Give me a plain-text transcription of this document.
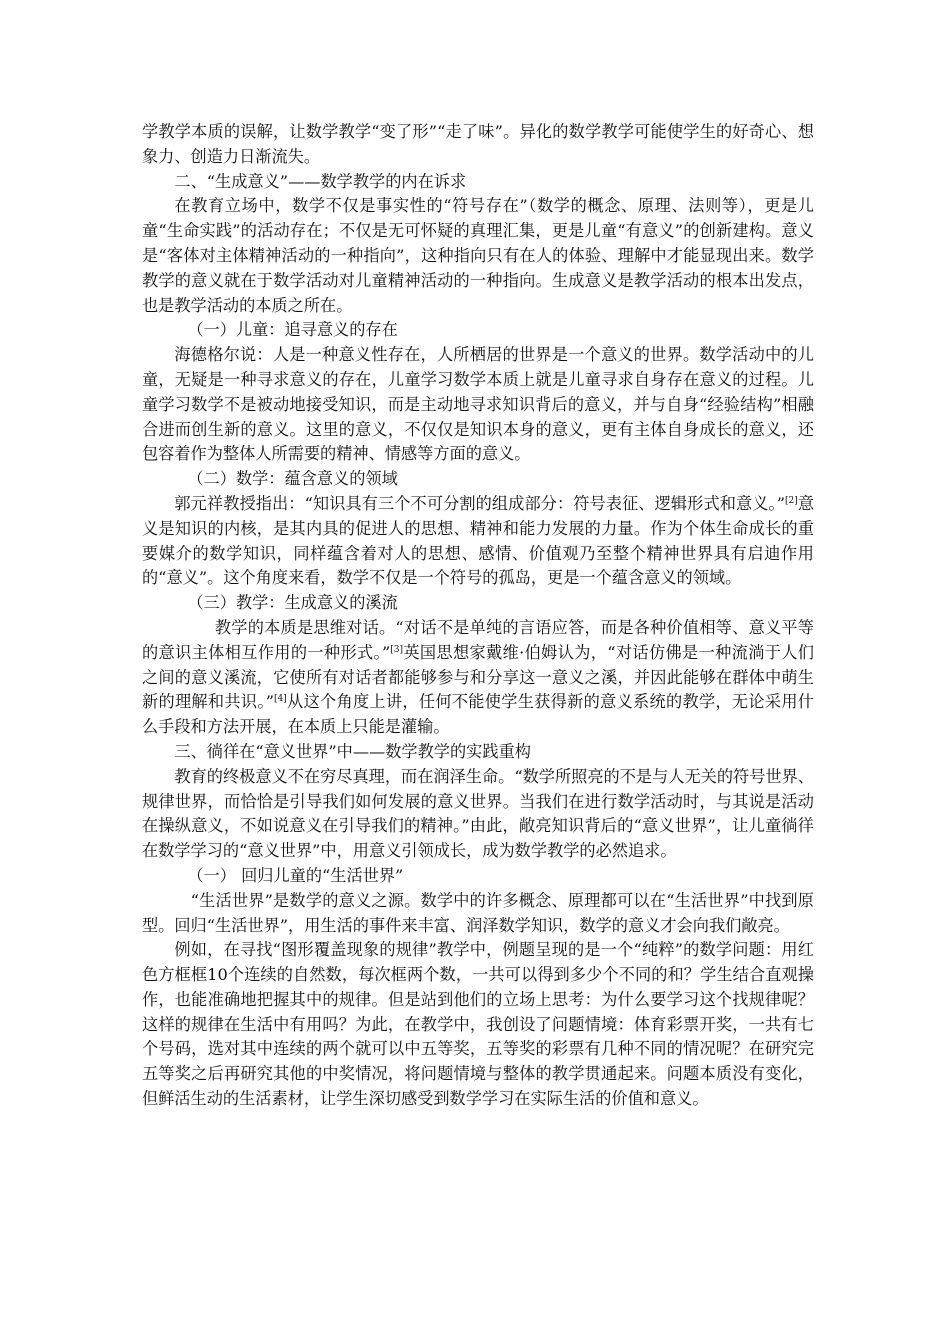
学教学本质的误解，让数学教学“变了形”“走了味”。异化的数学教学可能使学生的好奇心、想象力、创造力日渐流失。

二、“生成意义”——数学教学的内在诉求

在教育立场中，数学不仅是事实性的“符号存在”（数学的概念、原理、法则等），更是儿童“生命实践”的活动存在；不仅是无可怀疑的真理汇集，更是儿童“有意义”的创新建构。意义是“客体对主体精神活动的一种指向”，这种指向只有在人的体验、理解中才能显现出来。数学教学的意义就在于数学活动对儿童精神活动的一种指向。生成意义是教学活动的根本出发点，也是教学活动的本质之所在。

（一）儿童：追寻意义的存在

海德格尔说：人是一种意义性存在，人所栖居的世界是一个意义的世界。数学活动中的儿童，无疑是一种寻求意义的存在，儿童学习数学本质上就是儿童寻求自身存在意义的过程。儿童学习数学不是被动地接受知识，而是主动地寻求知识背后的意义，并与自身“经验结构”相融合进而创生新的意义。这里的意义，不仅仅是知识本身的意义，更有主体自身成长的意义，还包容着作为整体人所需要的精神、情感等方面的意义。

（二）数学：蕴含意义的领域

郭元祥教授指出：“知识具有三个不可分割的组成部分：符号表征、逻辑形式和意义。”[2]意义是知识的内核，是其内具的促进人的思想、精神和能力发展的力量。作为个体生命成长的重要媒介的数学知识，同样蕴含着对人的思想、感情、价值观乃至整个精神世界具有启迪作用的“意义”。这个角度来看，数学不仅是一个符号的孤岛，更是一个蕴含意义的领域。

（三）教学：生成意义的溪流

教学的本质是思维对话。“对话不是单纯的言语应答，而是各种价值相等、意义平等的意识主体相互作用的一种形式。”[3]英国思想家戴维·伯姆认为，“对话仿佛是一种流淌于人们之间的意义溪流，它使所有对话者都能够参与和分享这一意义之溪，并因此能够在群体中萌生新的理解和共识。”[4]从这个角度上讲，任何不能使学生获得新的意义系统的教学，无论采用什么手段和方法开展，在本质上只能是灌输。

三、徜徉在“意义世界”中——数学教学的实践重构

教育的终极意义不在穷尽真理，而在润泽生命。“数学所照亮的不是与人无关的符号世界、规律世界，而恰恰是引导我们如何发展的意义世界。当我们在进行数学活动时，与其说是活动在操纵意义，不如说意义在引导我们的精神。”由此，敞亮知识背后的“意义世界”，让儿童徜徉在数学学习的“意义世界”中，用意义引领成长，成为数学教学的必然追求。

（一） 回归儿童的“生活世界”

“生活世界”是数学的意义之源。数学中的许多概念、原理都可以在“生活世界”中找到原型。回归“生活世界”，用生活的事件来丰富、润泽数学知识，数学的意义才会向我们敞亮。

例如，在寻找“图形覆盖现象的规律”教学中，例题呈现的是一个“纯粹”的数学问题：用红色方框框10个连续的自然数，每次框两个数，一共可以得到多少个不同的和？学生结合直观操作，也能准确地把握其中的规律。但是站到他们的立场上思考：为什么要学习这个找规律呢？这样的规律在生活中有用吗？为此，在教学中，我创设了问题情境：体育彩票开奖，一共有七个号码，选对其中连续的两个就可以中五等奖，五等奖的彩票有几种不同的情况呢？在研究完五等奖之后再研究其他的中奖情况，将问题情境与整体的教学贯通起来。问题本质没有变化，但鲜活生动的生活素材，让学生深切感受到数学学习在实际生活的价值和意义。
